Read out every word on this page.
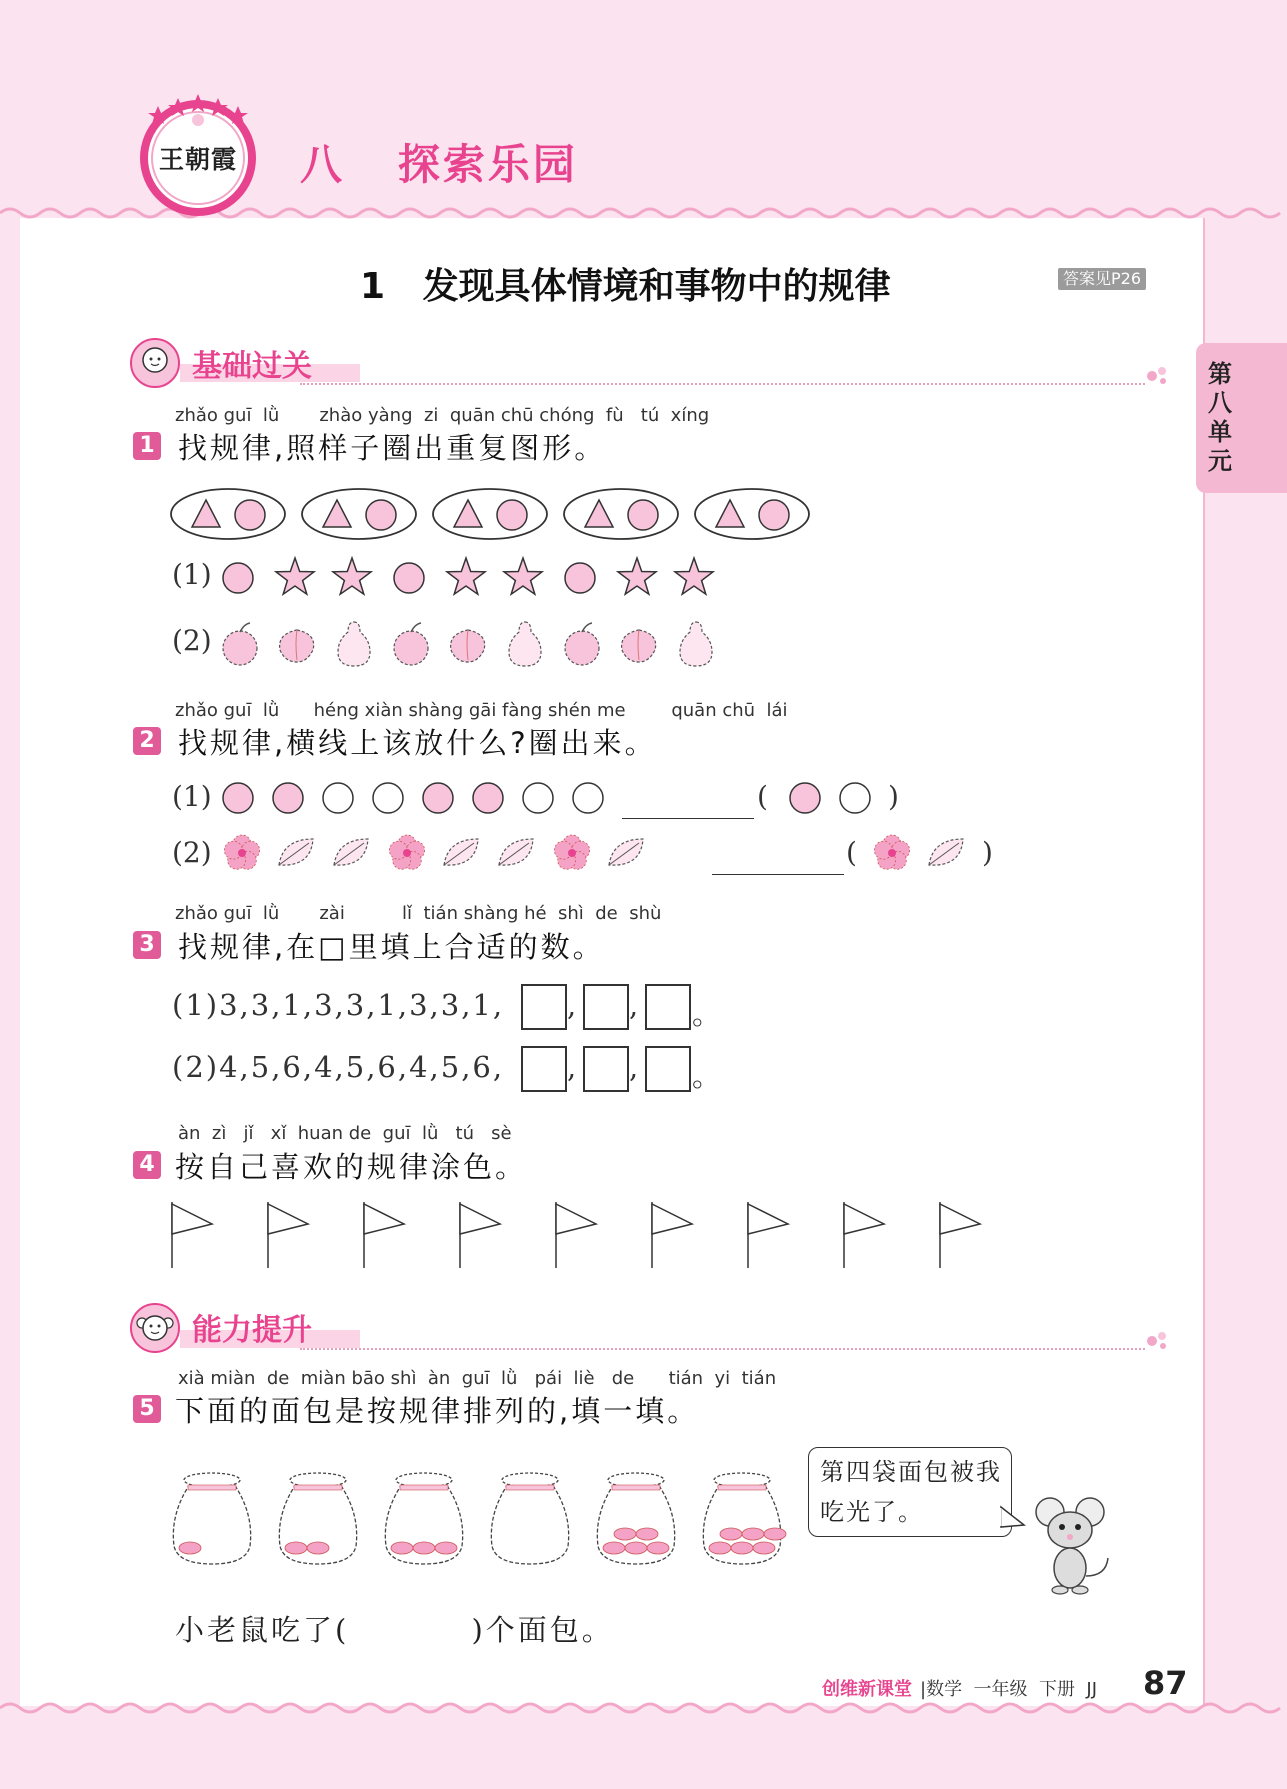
王朝霞	八   探索乐园
1   发现具体情境和事物中的规律	答案见P26
第八单元
基础过关
zhǎo guī  lǜ       zhào yàng  zi  quān chū chóng  fù   tú  xíng
1 找规律,照样子圈出重复图形。
(1)
(2)
zhǎo guī  lǜ      héng xiàn shàng gāi fàng shén me        quān chū  lái
2 找规律,横线上该放什么?圈出来。
(1)	(	)
(2)	(	)
zhǎo guī  lǜ       zài          lǐ  tián shàng hé  shì  de  shù
3 找规律,在□里填上合适的数。
(1)3,3,1,3,3,1,3,3,1, , , 。
(2)4,5,6,4,5,6,4,5,6, , , 。
àn  zì   jǐ   xǐ  huan de  guī  lǜ   tú   sè
4 按自己喜欢的规律涂色。
能力提升
xià miàn  de  miàn bāo shì  àn  guī  lǜ   pái  liè   de      tián  yi  tián
5 下面的面包是按规律排列的,填一填。
第四袋面包被我吃光了。
小老鼠吃了(          )个面包。
创维新课堂 |数学  一年级  下册  JJ 87
